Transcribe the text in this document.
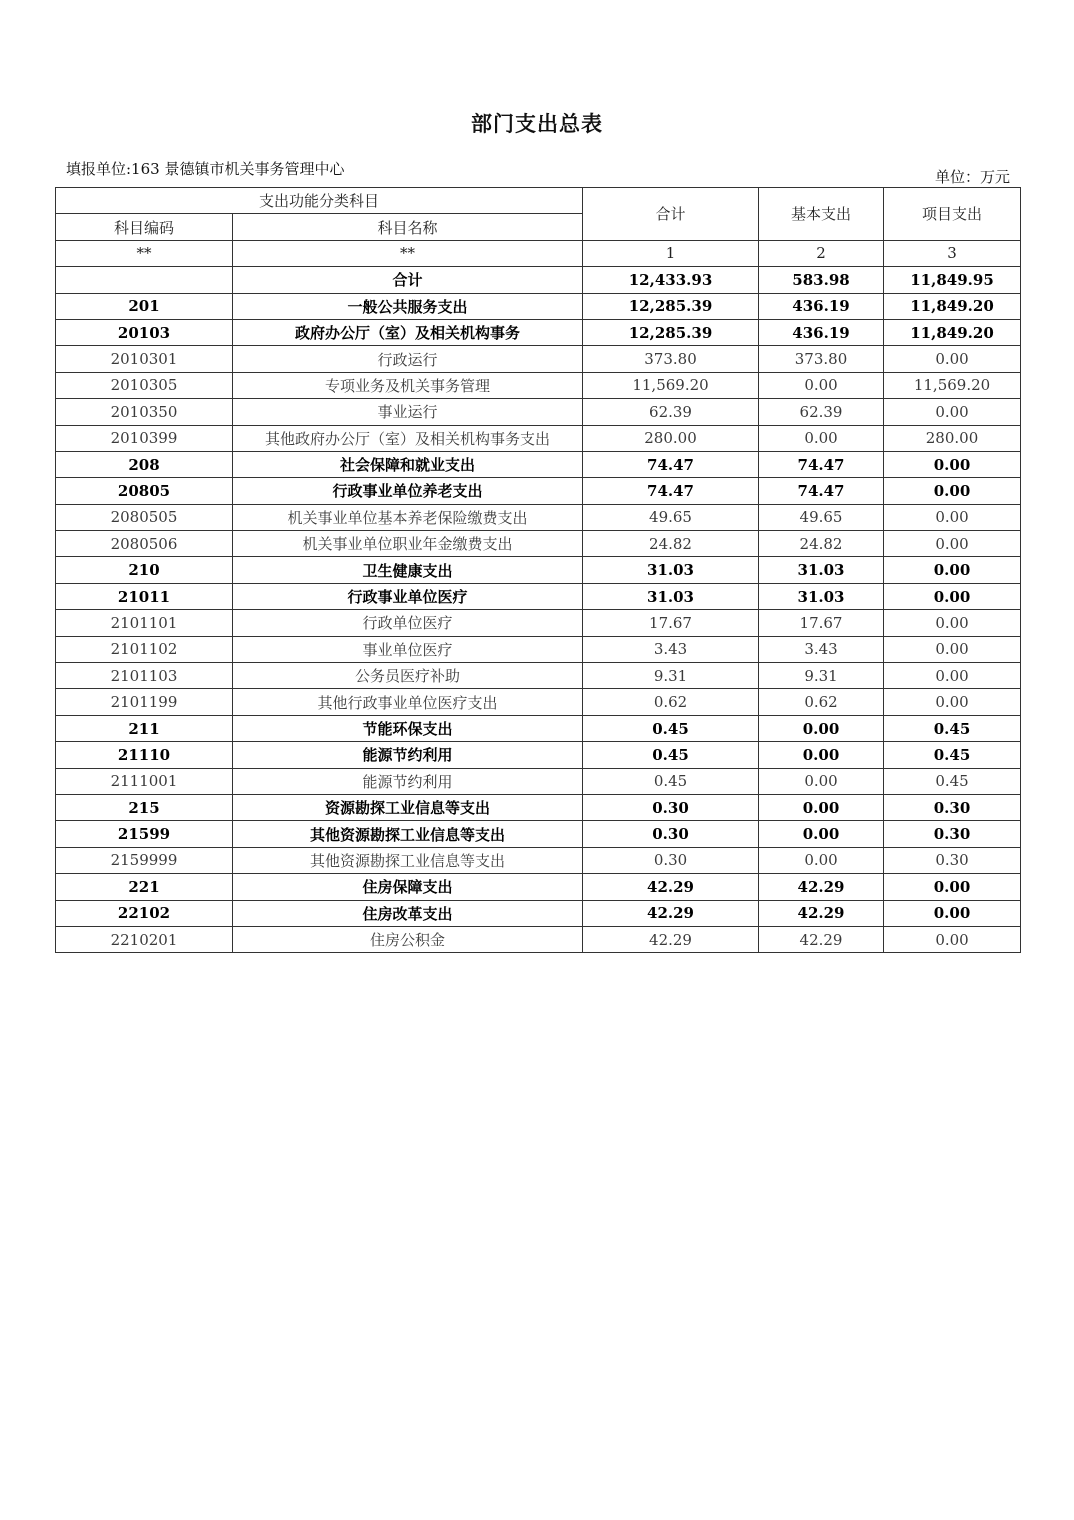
部门支出总表
填报单位:163 景德镇市机关事务管理中心	单位：万元
支出功能分类科目		合计	基本支出	项目支出
科目编码	科目名称			
**	**	1	2	3
	合计	12,433.93	583.98	11,849.95
201	一般公共服务支出	12,285.39	436.19	11,849.20
20103	政府办公厅（室）及相关机构事务	12,285.39	436.19	11,849.20
2010301	行政运行	373.80	373.80	0.00
2010305	专项业务及机关事务管理	11,569.20	0.00	11,569.20
2010350	事业运行	62.39	62.39	0.00
2010399	其他政府办公厅（室）及相关机构事务支出	280.00	0.00	280.00
208	社会保障和就业支出	74.47	74.47	0.00
20805	行政事业单位养老支出	74.47	74.47	0.00
2080505	机关事业单位基本养老保险缴费支出	49.65	49.65	0.00
2080506	机关事业单位职业年金缴费支出	24.82	24.82	0.00
210	卫生健康支出	31.03	31.03	0.00
21011	行政事业单位医疗	31.03	31.03	0.00
2101101	行政单位医疗	17.67	17.67	0.00
2101102	事业单位医疗	3.43	3.43	0.00
2101103	公务员医疗补助	9.31	9.31	0.00
2101199	其他行政事业单位医疗支出	0.62	0.62	0.00
211	节能环保支出	0.45	0.00	0.45
21110	能源节约利用	0.45	0.00	0.45
2111001	能源节约利用	0.45	0.00	0.45
215	资源勘探工业信息等支出	0.30	0.00	0.30
21599	其他资源勘探工业信息等支出	0.30	0.00	0.30
2159999	其他资源勘探工业信息等支出	0.30	0.00	0.30
221	住房保障支出	42.29	42.29	0.00
22102	住房改革支出	42.29	42.29	0.00
2210201	住房公积金	42.29	42.29	0.00
